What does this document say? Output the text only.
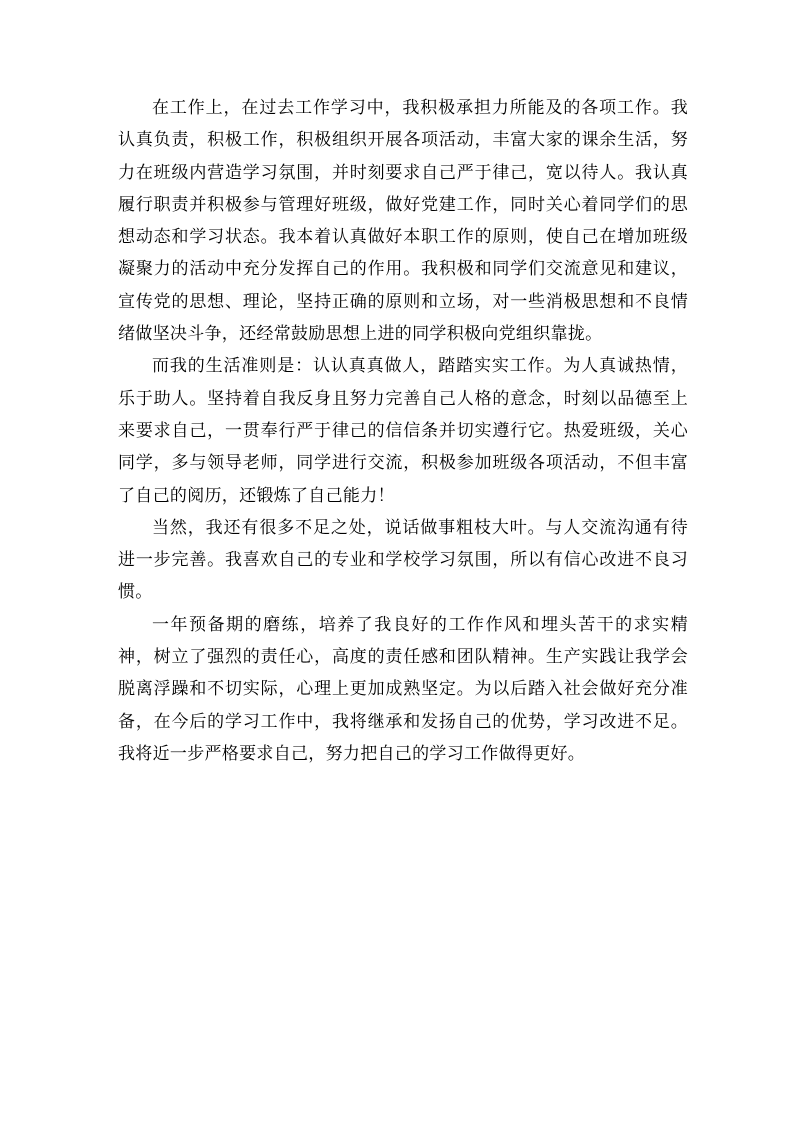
在工作上，在过去工作学习中，我积极承担力所能及的各项工作。我认真负责，积极工作，积极组织开展各项活动，丰富大家的课余生活，努力在班级内营造学习氛围，并时刻要求自己严于律己，宽以待人。我认真履行职责并积极参与管理好班级，做好党建工作，同时关心着同学们的思想动态和学习状态。我本着认真做好本职工作的原则，使自己在增加班级凝聚力的活动中充分发挥自己的作用。我积极和同学们交流意见和建议，宣传党的思想、理论，坚持正确的原则和立场，对一些消极思想和不良情绪做坚决斗争，还经常鼓励思想上进的同学积极向党组织靠拢。

而我的生活准则是：认认真真做人，踏踏实实工作。为人真诚热情，乐于助人。坚持着自我反身且努力完善自己人格的意念，时刻以品德至上来要求自己，一贯奉行严于律己的信信条并切实遵行它。热爱班级，关心同学，多与领导老师，同学进行交流，积极参加班级各项活动，不但丰富了自己的阅历，还锻炼了自己能力！

当然，我还有很多不足之处，说话做事粗枝大叶。与人交流沟通有待进一步完善。我喜欢自己的专业和学校学习氛围，所以有信心改进不良习惯。

一年预备期的磨练，培养了我良好的工作作风和埋头苦干的求实精神，树立了强烈的责任心，高度的责任感和团队精神。生产实践让我学会脱离浮躁和不切实际，心理上更加成熟坚定。为以后踏入社会做好充分准备，在今后的学习工作中，我将继承和发扬自己的优势，学习改进不足。我将近一步严格要求自己，努力把自己的学习工作做得更好。
